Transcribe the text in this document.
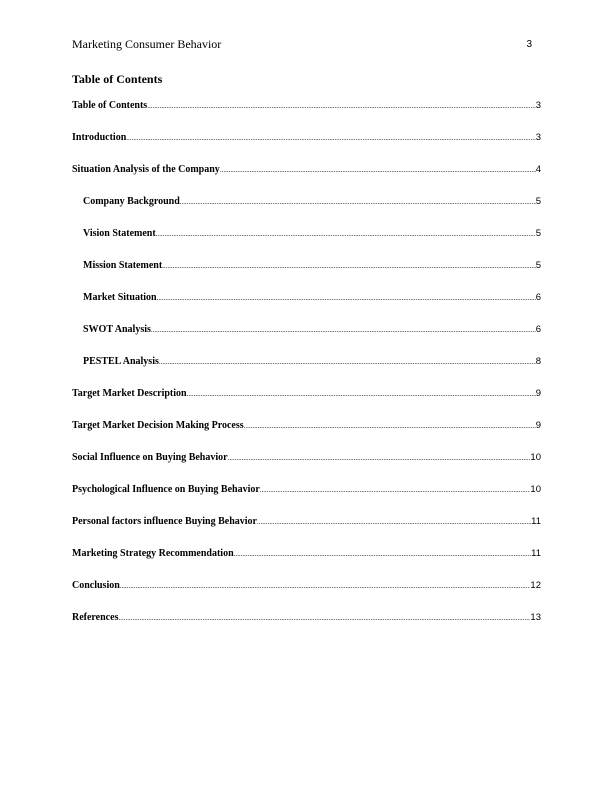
Marketing Consumer Behavior	3
Table of Contents
Table of Contents .....	3
Introduction .....	3
Situation Analysis of the Company .....	4
Company Background .....	5
Vision Statement .....	5
Mission Statement .....	5
Market Situation .....	6
SWOT Analysis .....	6
PESTEL Analysis .....	8
Target Market Description .....	9
Target Market Decision Making Process .....	9
Social Influence on Buying Behavior .....	10
Psychological Influence on Buying Behavior .....	10
Personal factors influence Buying Behavior .....	11
Marketing Strategy Recommendation .....	11
Conclusion .....	12
References .....	13
